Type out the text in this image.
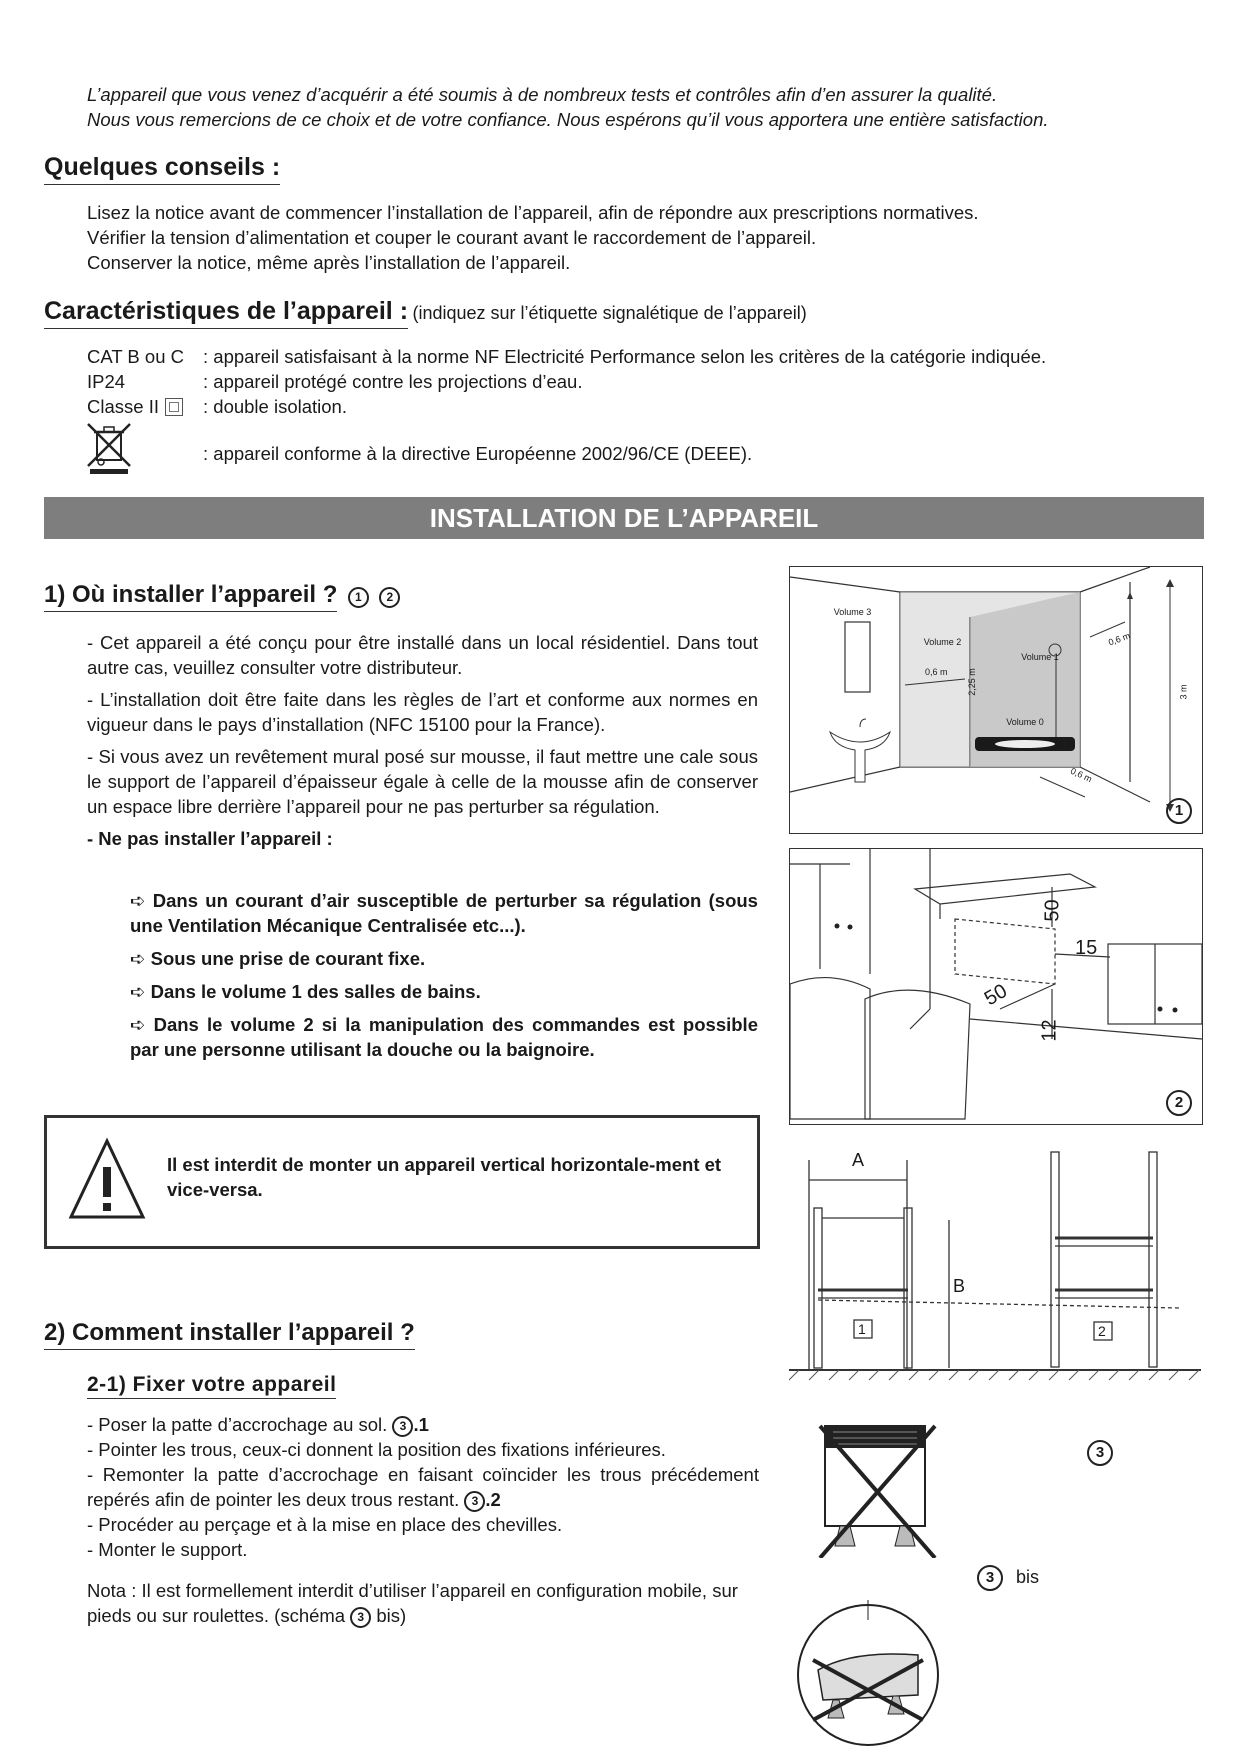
L’appareil que vous venez d’acquérir a été soumis à de nombreux tests et contrôles afin d’en assurer la qualité.

Nous vous remercions de ce choix et de votre confiance. Nous espérons qu’il vous apportera une entière satisfaction.

Quelques conseils :

Lisez la notice avant de commencer l’installation de l’appareil, afin de répondre aux prescriptions normatives.

Vérifier la tension d’alimentation et couper le courant avant le raccordement de l’appareil.

Conserver la notice, même après l’installation de l’appareil.

Caractéristiques de l’appareil : (indiquez sur l’étiquette signalétique de l’appareil)
CAT B ou C	: appareil satisfaisant à la norme NF Electricité Performance selon les critères de la catégorie indiquée.
IP24	: appareil protégé contre les projections d’eau.
Classe II : double isolation.
: appareil conforme à la directive Européenne 2002/96/CE (DEEE).
INSTALLATION DE L’APPAREIL
1) Où installer l’appareil ? 1 2

- Cet appareil a été conçu pour être installé dans un local résidentiel. Dans tout autre cas, veuillez consulter votre distributeur.

- L’installation doit être faite dans les règles de l’art et conforme aux normes en vigueur dans le pays d’installation (NFC 15100 pour la France).

- Si vous avez un revêtement mural posé sur mousse, il faut mettre une cale sous le support de l’appareil d’épaisseur égale à celle de la mousse afin de conserver un espace libre derrière l’appareil pour ne pas perturber sa régulation.

- Ne pas installer l’appareil :

➪ Dans un courant d’air susceptible de perturber sa régulation (sous une Ventilation Mécanique Centralisée etc...).

➪ Sous une prise de courant fixe.

➪ Dans le volume 1 des salles de bains.

➪ Dans le volume 2 si la manipulation des commandes est possible par une personne utilisant la douche ou la baignoire.

Il est interdit de monter un appareil vertical horizontale-ment et vice-versa.
2) Comment installer l’appareil ?
2-1) Fixer votre appareil

- Poser la patte d’accrochage au sol. 3 .1

- Pointer les trous, ceux-ci donnent la position des fixations inférieures.

- Remonter la patte d’accrochage en faisant coïncider les trous précédement repérés afin de pointer les deux trous restant. 3 .2

- Procéder au perçage et à la mise en place des chevilles.

- Monter le support.

Nota : Il est formellement interdit d’utiliser l’appareil en configuration mobile, sur pieds ou sur roulettes. (schéma 3 bis)
Volume 3
Volume 2
Volume 1
Volume 0
0,6 m
0,6 m
0,6 m
2,25 m	3 m
1
50
15
50
12
2
A
B
1	2
3
3 bis
